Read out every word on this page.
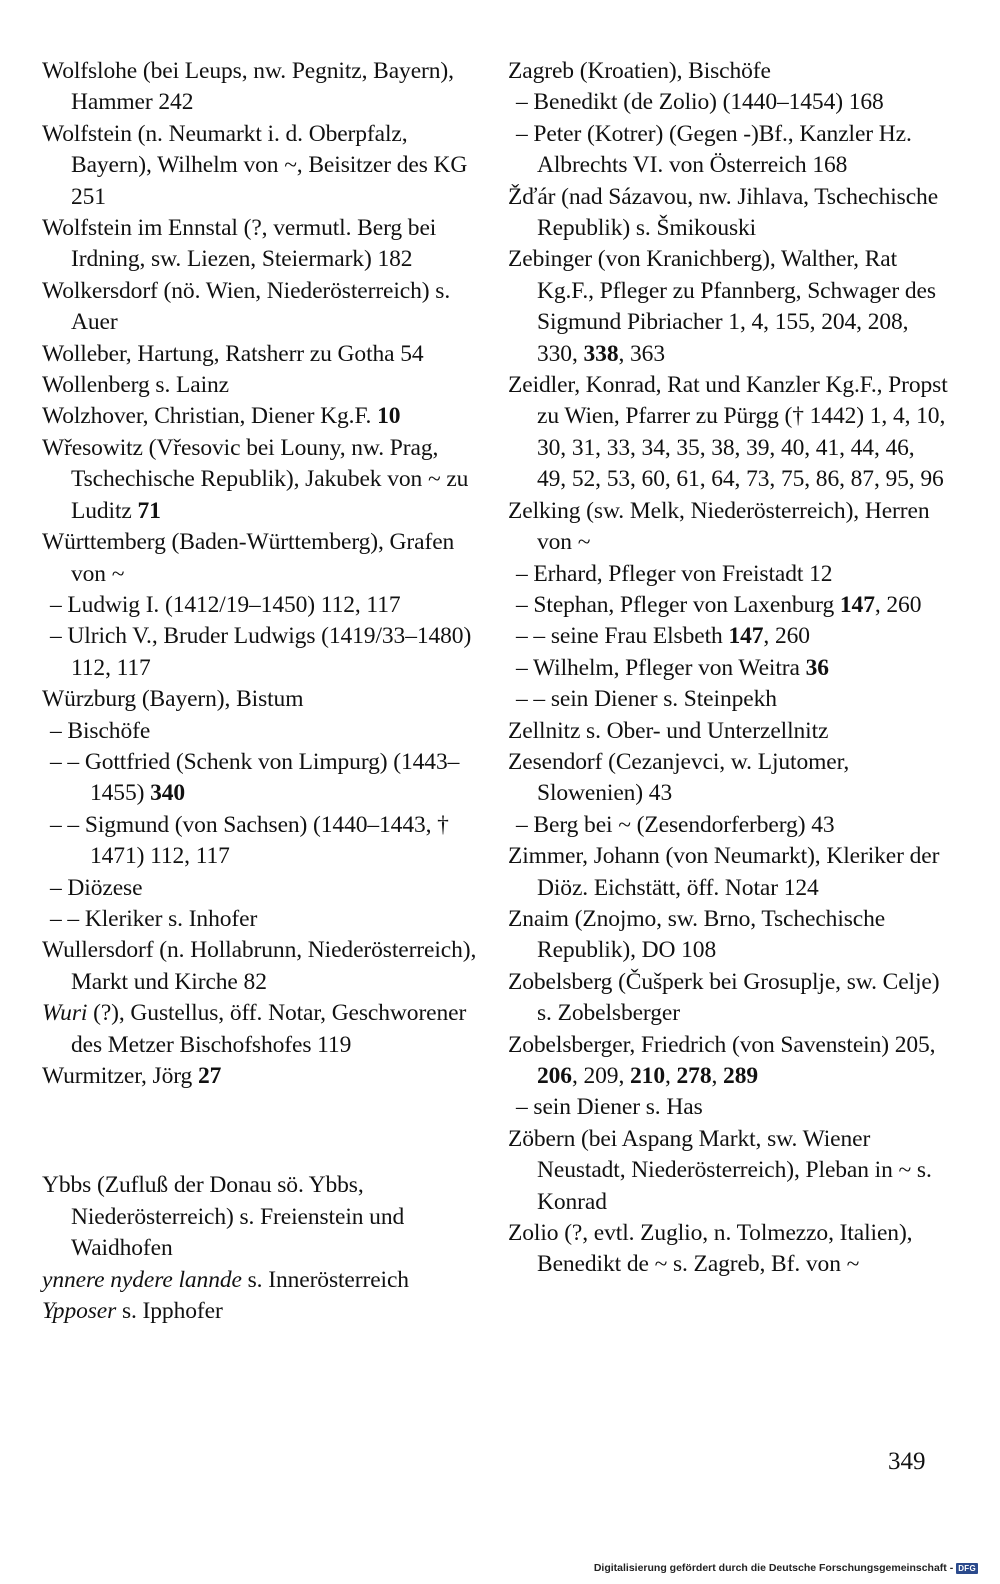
Wolfslohe (bei Leups, nw. Pegnitz, Bayern), Hammer 242

Wolfstein (n. Neumarkt i. d. Oberpfalz, Bayern), Wilhelm von ~, Beisitzer des KG 251

Wolfstein im Ennstal (?, vermutl. Berg bei Irdning, sw. Liezen, Steiermark) 182

Wolkersdorf (nö. Wien, Niederösterreich) s. Auer

Wolleber, Hartung, Ratsherr zu Gotha 54

Wollenberg s. Lainz

Wolzhover, Christian, Diener Kg.F. 10

Wřesowitz (Vřesovic bei Louny, nw. Prag, Tschechische Republik), Jakubek von ~ zu Luditz 71

Württemberg (Baden-Württemberg), Grafen von ~

– Ludwig I. (1412/19–1450) 112, 117

– Ulrich V., Bruder Ludwigs (1419/33–1480) 112, 117

Würzburg (Bayern), Bistum

– Bischöfe

– – Gottfried (Schenk von Limpurg) (1443–1455) 340

– – Sigmund (von Sachsen) (1440–1443, † 1471) 112, 117

– Diözese

– – Kleriker s. Inhofer

Wullersdorf (n. Hollabrunn, Niederösterreich), Markt und Kirche 82

Wuri (?), Gustellus, öff. Notar, Geschworener des Metzer Bischofshofes 119

Wurmitzer, Jörg 27

Ybbs (Zufluß der Donau sö. Ybbs, Niederösterreich) s. Freienstein und Waidhofen

ynnere nydere lannde s. Innerösterreich

Ypposer s. Ipphofer

Zagreb (Kroatien), Bischöfe

– Benedikt (de Zolio) (1440–1454) 168

– Peter (Kotrer) (Gegen -)Bf., Kanzler Hz. Albrechts VI. von Österreich 168

Žďár (nad Sázavou, nw. Jihlava, Tschechische Republik) s. Šmikouski

Zebinger (von Kranichberg), Walther, Rat Kg.F., Pfleger zu Pfannberg, Schwager des Sigmund Pibriacher 1, 4, 155, 204, 208, 330, 338, 363

Zeidler, Konrad, Rat und Kanzler Kg.F., Propst zu Wien, Pfarrer zu Pürgg († 1442) 1, 4, 10, 30, 31, 33, 34, 35, 38, 39, 40, 41, 44, 46, 49, 52, 53, 60, 61, 64, 73, 75, 86, 87, 95, 96

Zelking (sw. Melk, Niederösterreich), Herren von ~

– Erhard, Pfleger von Freistadt 12

– Stephan, Pfleger von Laxenburg 147, 260

– – seine Frau Elsbeth 147, 260

– Wilhelm, Pfleger von Weitra 36

– – sein Diener s. Steinpekh

Zellnitz s. Ober- und Unterzellnitz

Zesendorf (Cezanjevci, w. Ljutomer, Slowenien) 43

– Berg bei ~ (Zesendorferberg) 43

Zimmer, Johann (von Neumarkt), Kleriker der Diöz. Eichstätt, öff. Notar 124

Znaim (Znojmo, sw. Brno, Tschechische Republik), DO 108

Zobelsberg (Čušperk bei Grosuplje, sw. Celje) s. Zobelsberger

Zobelsberger, Friedrich (von Savenstein) 205, 206, 209, 210, 278, 289

– sein Diener s. Has

Zöbern (bei Aspang Markt, sw. Wiener Neustadt, Niederösterreich), Pleban in ~ s. Konrad

Zolio (?, evtl. Zuglio, n. Tolmezzo, Italien), Benedikt de ~ s. Zagreb, Bf. von ~

349
Digitalisierung gefördert durch die Deutsche Forschungsgemeinschaft - DFG
